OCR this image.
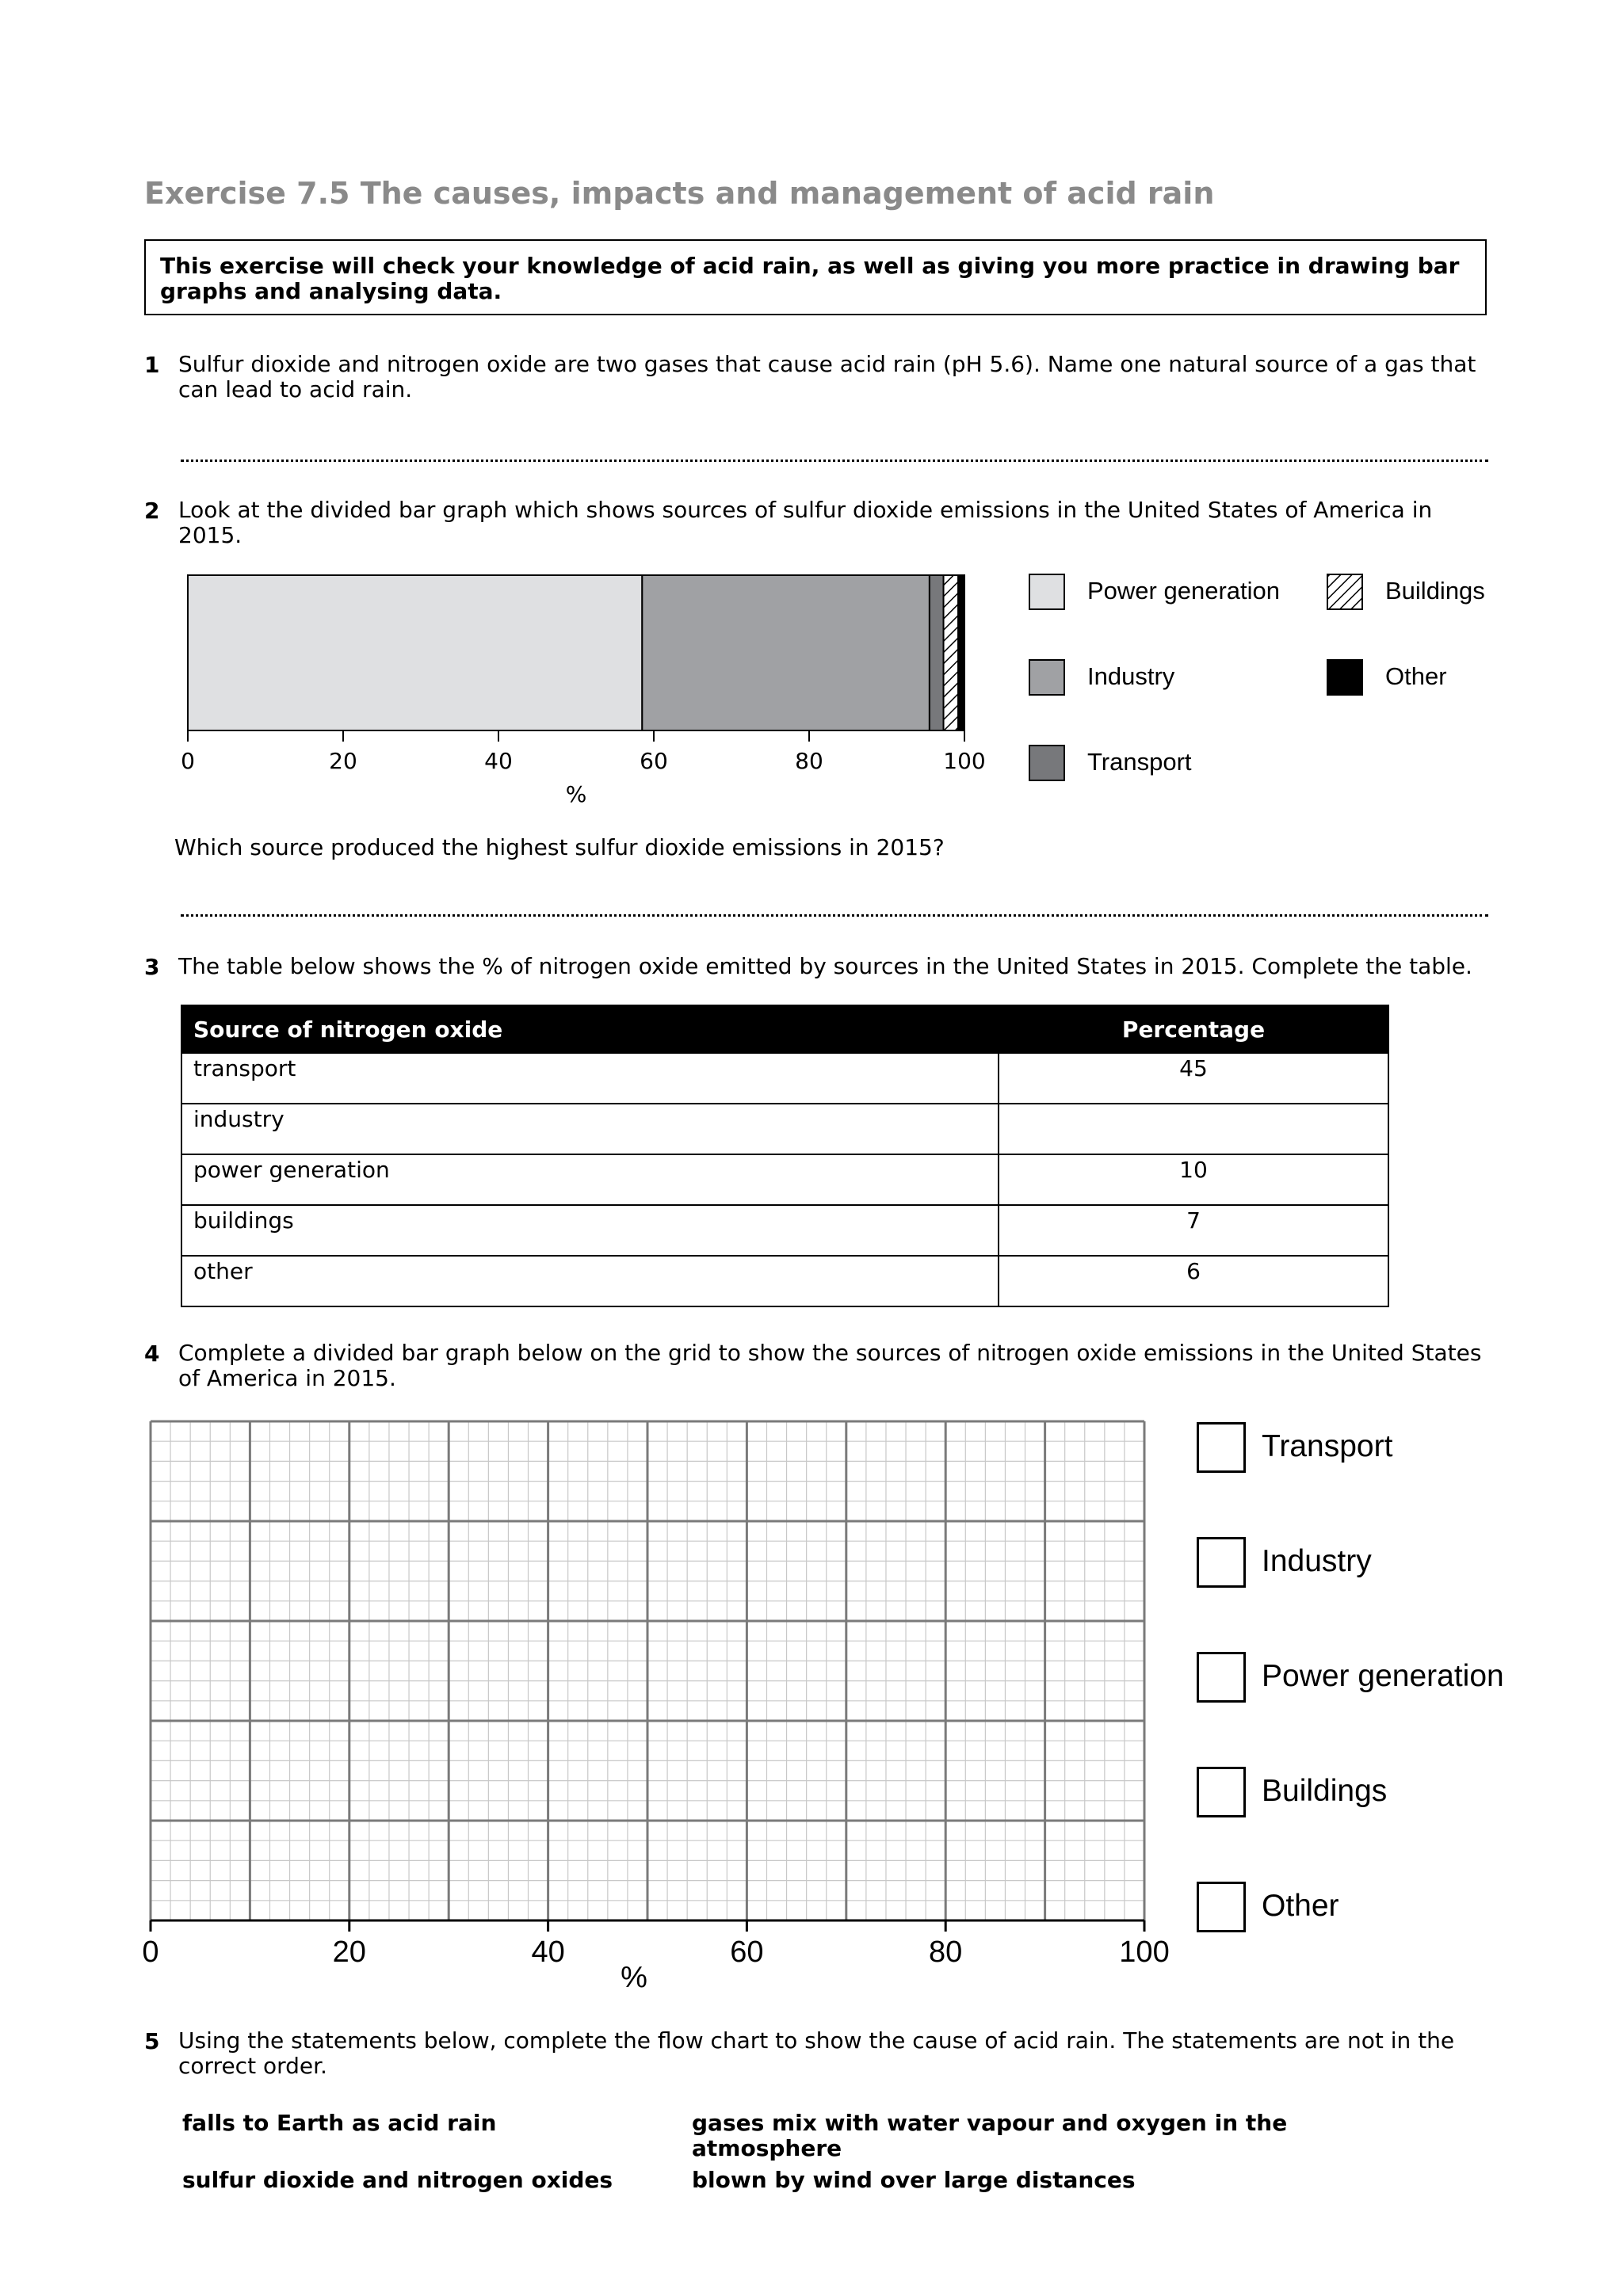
Exercise 7.5 The causes, impacts and management of acid rain
This exercise will check your knowledge of acid rain, as well as giving you more practice in drawing bar graphs and analysing data.
1 Sulfur dioxide and nitrogen oxide are two gases that cause acid rain (pH 5.6). Name one natural source of a gas that can lead to acid rain.
2 Look at the divided bar graph which shows sources of sulfur dioxide emissions in the United States of America in 2015.
0	20	40	60	80	100
%
Power generation	Buildings
Industry	Other
Transport
Which source produced the highest sulfur dioxide emissions in 2015?
3 The table below shows the % of nitrogen oxide emitted by sources in the United States in 2015. Complete the table.
Source of nitrogen oxide	Percentage
transport	45
industry	
power generation	10
buildings	7
other	6
4 Complete a divided bar graph below on the grid to show the sources of nitrogen oxide emissions in the United States of America in 2015.
0	20	40	60	80	100
%
Transport
Industry
Power generation
Buildings
Other
5 Using the statements below, complete the flow chart to show the cause of acid rain. The statements are not in the correct order.
falls to Earth as acid rain	gases mix with water vapour and oxygen in the atmosphere
sulfur dioxide and nitrogen oxides	blown by wind over large distances
